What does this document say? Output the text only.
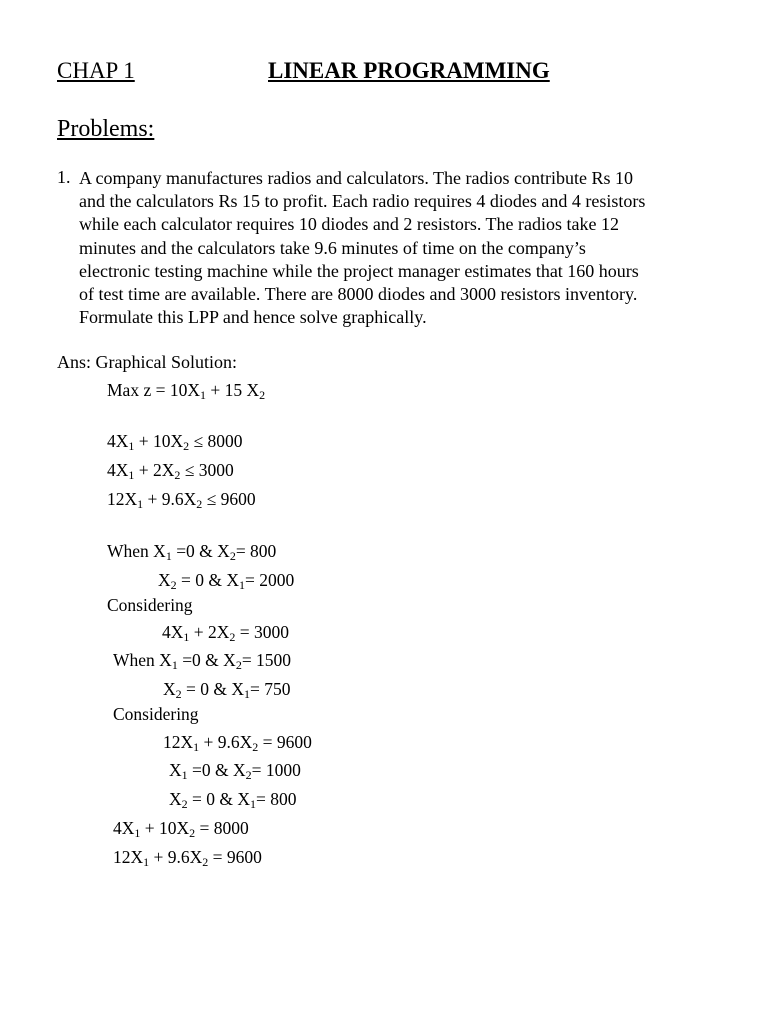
CHAP 1	LINEAR PROGRAMMING
Problems:
1. A company manufactures radios and calculators. The radios contribute Rs 10
and the calculators Rs 15 to profit. Each radio requires 4 diodes and 4 resistors
while each calculator requires 10 diodes and 2 resistors. The radios take 12
minutes and the calculators take 9.6 minutes of time on the company’s
electronic testing machine while the project manager estimates that 160 hours
of test time are available. There are 8000 diodes and 3000 resistors inventory.
Formulate this LPP and hence solve graphically.
Ans: Graphical Solution:
Max $z = 10X_1 + 15$ $X_2$
$4X_1 + 10X_2 \le 8000$
$4X_1 + 2X_2 \le 3000$
$12X_1 + 9.6X_2 \le 9600$
When $X_1 =0$ & $X_2= 800$
$X_2 = 0$ & $X_1= 2000$
Considering
$4X_1 + 2X_2 = 3000$
When $X_1 =0$ & $X_2= 1500$
$X_2 = 0$ & $X_1= 750$
Considering
$12X_1 + 9.6X_2 = 9600$
$X_1 =0$ & $X_2= 1000$
$X_2 = 0$ & $X_1= 800$
$4X_1 + 10X_2 = 8000$
$12X_1 + 9.6X_2 = 9600$
